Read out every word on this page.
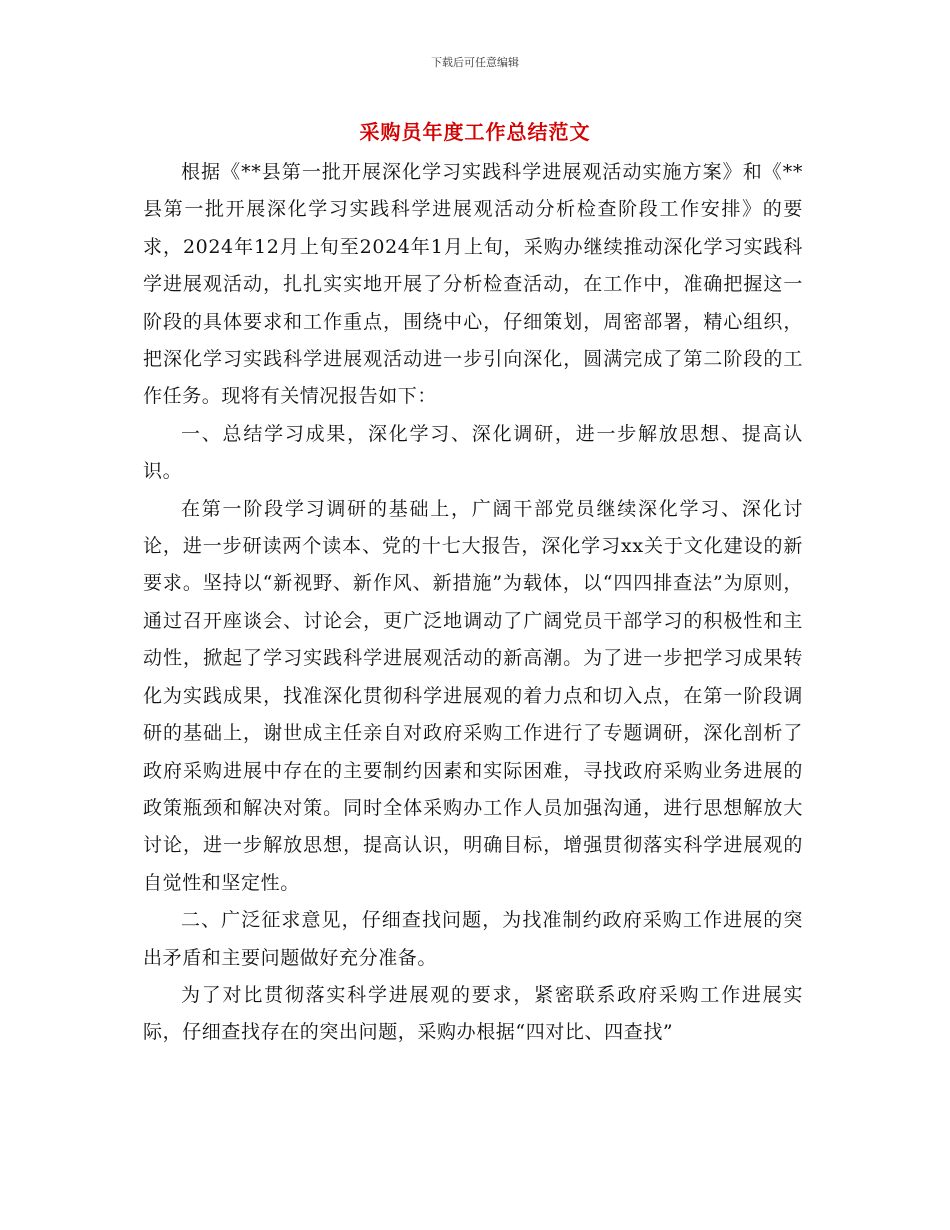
下载后可任意编辑
采购员年度工作总结范文

根据《**县第一批开展深化学习实践科学进展观活动实施方案》和《**县第一批开展深化学习实践科学进展观活动分析检查阶段工作安排》的要求，2024年12月上旬至2024年1月上旬，采购办继续推动深化学习实践科学进展观活动，扎扎实实地开展了分析检查活动，在工作中，准确把握这一阶段的具体要求和工作重点，围绕中心，仔细策划，周密部署，精心组织，把深化学习实践科学进展观活动进一步引向深化，圆满完成了第二阶段的工作任务。现将有关情况报告如下：

一、总结学习成果，深化学习、深化调研，进一步解放思想、提高认识。

在第一阶段学习调研的基础上，广阔干部党员继续深化学习、深化讨论，进一步研读两个读本、党的十七大报告，深化学习xx关于文化建设的新要求。坚持以“新视野、新作风、新措施”为载体，以“四四排查法”为原则，通过召开座谈会、讨论会，更广泛地调动了广阔党员干部学习的积极性和主动性，掀起了学习实践科学进展观活动的新高潮。为了进一步把学习成果转化为实践成果，找准深化贯彻科学进展观的着力点和切入点，在第一阶段调研的基础上，谢世成主任亲自对政府采购工作进行了专题调研，深化剖析了政府采购进展中存在的主要制约因素和实际困难，寻找政府采购业务进展的政策瓶颈和解决对策。同时全体采购办工作人员加强沟通，进行思想解放大讨论，进一步解放思想，提高认识，明确目标，增强贯彻落实科学进展观的自觉性和坚定性。

二、广泛征求意见，仔细查找问题，为找准制约政府采购工作进展的突出矛盾和主要问题做好充分准备。

为了对比贯彻落实科学进展观的要求，紧密联系政府采购工作进展实际，仔细查找存在的突出问题，采购办根据“四对比、四查找”
